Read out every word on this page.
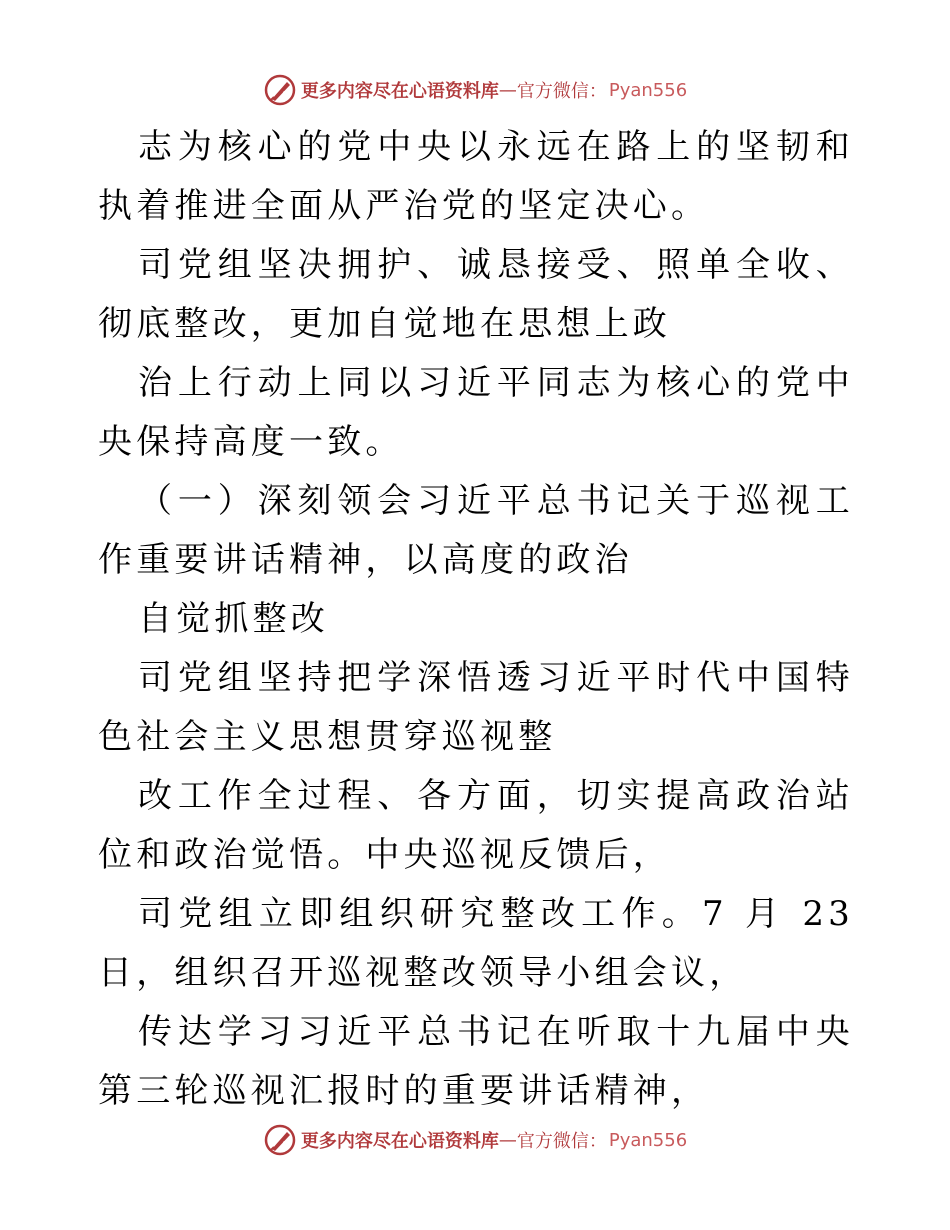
更多内容尽在心语资料库 — 官方微信： Pyan556

志为核心的党中央以永远在路上的坚韧和执着推进全面从严治党的坚定决心。

司党组坚决拥护、诚恳接受、照单全收、彻底整改，更加自觉地在思想上政

治上行动上同以习近平同志为核心的党中央保持高度一致。

（一）深刻领会习近平总书记关于巡视工作重要讲话精神，以高度的政治

自觉抓整改

司党组坚持把学深悟透习近平时代中国特色社会主义思想贯穿巡视整

改工作全过程、各方面，切实提高政治站位和政治觉悟。中央巡视反馈后，

司党组立即组织研究整改工作。7 月 23 日，组织召开巡视整改领导小组会议，

传达学习习近平总书记在听取十九届中央第三轮巡视汇报时的重要讲话精神，

更多内容尽在心语资料库 — 官方微信： Pyan556
